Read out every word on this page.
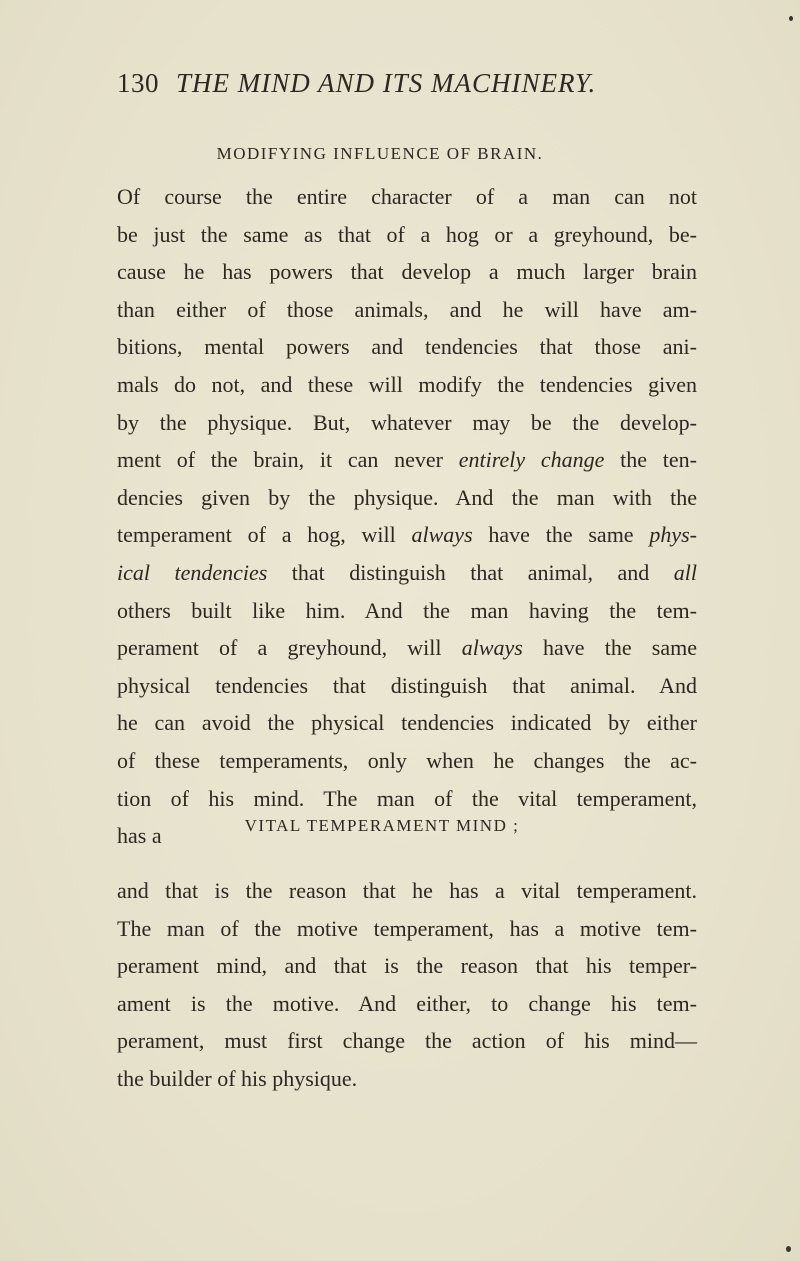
130 THE MIND AND ITS MACHINERY.
MODIFYING INFLUENCE OF BRAIN.
Of course the entire character of a man can not
be just the same as that of a hog or a greyhound, be-
cause he has powers that develop a much larger brain
than either of those animals, and he will have am-
bitions, mental powers and tendencies that those ani-
mals do not, and these will modify the tendencies given
by the physique. But, whatever may be the develop-
ment of the brain, it can never entirely change the ten-
dencies given by the physique. And the man with the
temperament of a hog, will always have the same phys-
ical tendencies that distinguish that animal, and all
others built like him. And the man having the tem-
perament of a greyhound, will always have the same
physical tendencies that distinguish that animal. And
he can avoid the physical tendencies indicated by either
of these temperaments, only when he changes the ac-
tion of his mind. The man of the vital temperament,
has a	VITAL TEMPERAMENT MIND ;
and that is the reason that he has a vital temperament.
The man of the motive temperament, has a motive tem-
perament mind, and that is the reason that his temper-
ament is the motive. And either, to change his tem-
perament, must first change the action of his mind—
the builder of his physique.
